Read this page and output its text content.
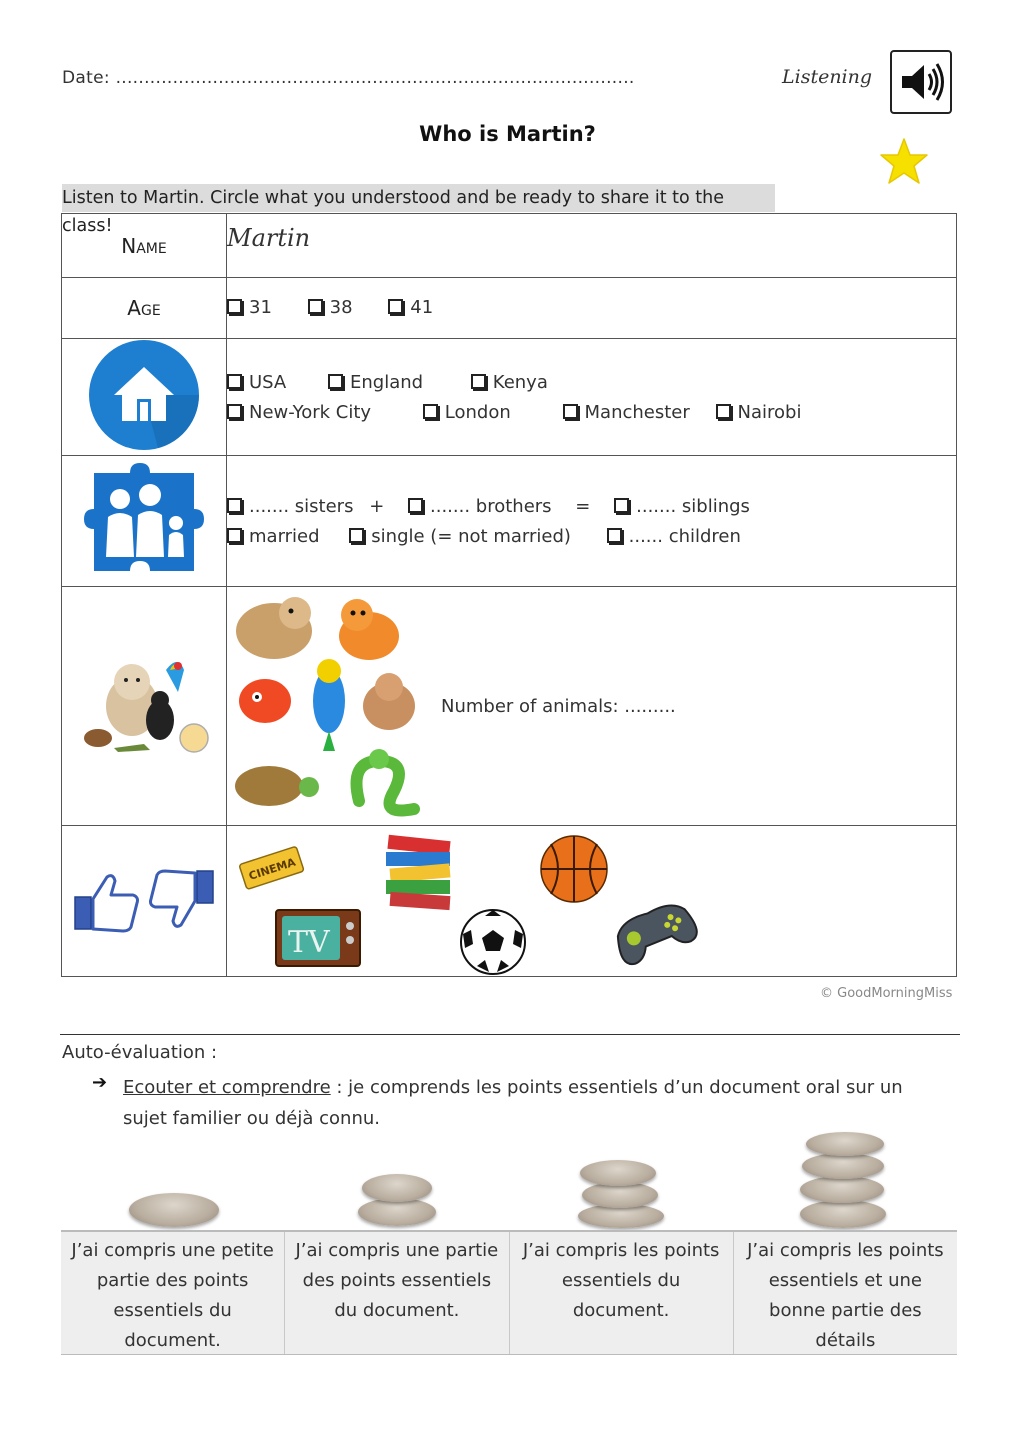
Date: ...........................................................................................	Listening
Who is Martin?
Listen to Martin. Circle what you understood and be ready to share it to the class!
Name	Martin
Age	31 38 41

USA England Kenya
New-York City London Manchester Nairobi

....... sisters + ....... brothers = ....... siblings
married single (= not married) ...... children

Number of animals: .........

CINEMA
TV
© GoodMorningMiss
Auto-évaluation :
➔ Ecouter et comprendre : je comprends les points essentiels d’un document oral sur un sujet familier ou déjà connu.
J’ai compris une petite partie des points essentiels du document.
J’ai compris une partie des points essentiels du document.
J’ai compris les points essentiels du document.
J’ai compris les points essentiels et une bonne partie des détails
